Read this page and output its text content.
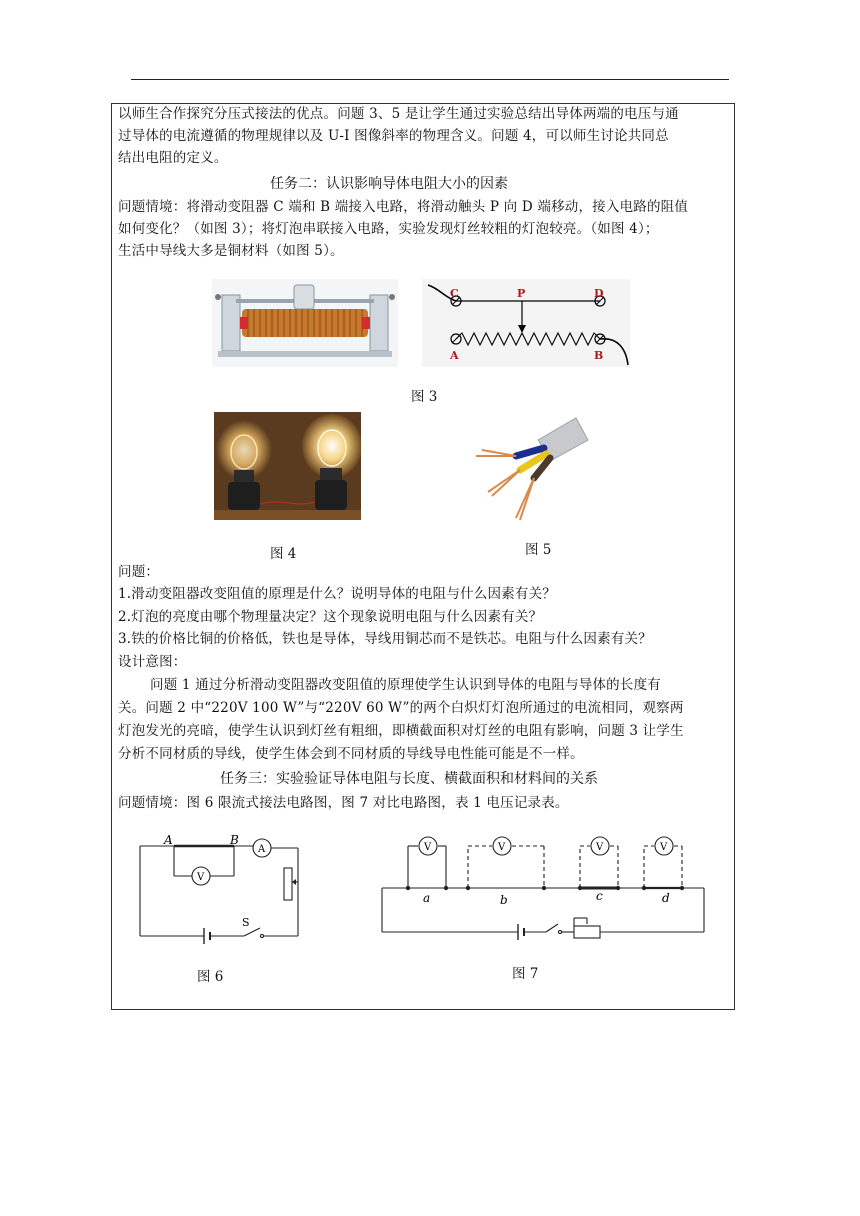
以师生合作探究分压式接法的优点。问题 3、5 是让学生通过实验总结出导体两端的电压与通
过导体的电流遵循的物理规律以及 U-I 图像斜率的物理含义。问题 4，可以师生讨论共同总
结出电阻的定义。
任务二：认识影响导体电阻大小的因素
问题情境：将滑动变阻器 C 端和 B 端接入电路，将滑动触头 P 向 D 端移动，接入电路的阻值
如何变化？（如图 3）；将灯泡串联接入电路，实验发现灯丝较粗的灯泡较亮。（如图 4）；
生活中导线大多是铜材料（如图 5）。
C	P	D
A	B
图 3
图 4	图 5
问题：
1.滑动变阻器改变阻值的原理是什么？说明导体的电阻与什么因素有关？
2.灯泡的亮度由哪个物理量决定？这个现象说明电阻与什么因素有关？
3.铁的价格比铜的价格低，铁也是导体，导线用铜芯而不是铁芯。电阻与什么因素有关？
设计意图：
问题 1 通过分析滑动变阻器改变阻值的原理使学生认识到导体的电阻与导体的长度有
关。问题 2 中“220V 100 W”与“220V 60 W”的两个白炽灯灯泡所通过的电流相同，观察两
灯泡发光的亮暗，使学生认识到灯丝有粗细，即横截面积对灯丝的电阻有影响，问题 3 让学生
分析不同材质的导线，使学生体会到不同材质的导线导电性能可能是不一样。
任务三：实验验证导体电阻与长度、横截面积和材料间的关系
问题情境：图 6 限流式接法电路图，图 7 对比电路图，表 1 电压记录表。
A	B
A
V
S
图 6
V	V	V	V
a	b	c	d
图 7
